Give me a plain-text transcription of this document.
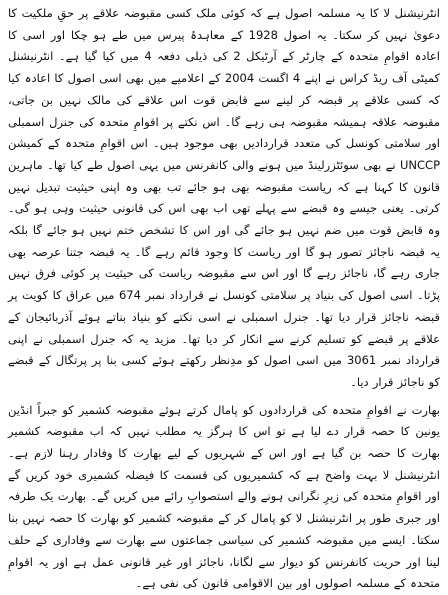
انٹرنیشنل لا کا یہ مسلمہ اصول ہے کہ کوئی ملک کسی مقبوضہ علاقے پر حقِ ملکیت کا دعویٰ نہیں کر سکتا۔ یہ اصول 1928 کے معاہدۂ پیرس میں طے ہو چکا اور اسی کا اعادہ اقوامِ متحدہ کے چارٹر کے آرٹیکل 2 کی ذیلی دفعہ 4 میں کیا گیا ہے۔ انٹرنیشنل کمیٹی آف ریڈ کراس نے اپنے 4 اگست 2004 کے اعلامیے میں بھی اسی اصول کا اعادہ کیا کہ کسی علاقے پر قبضہ کر لینے سے قابض قوت اس علاقے کی مالک نہیں بن جاتی، مقبوضہ علاقہ ہمیشہ مقبوضہ ہی رہے گا۔ اس نکتے پر اقوامِ متحدہ کی جنرل اسمبلی اور سلامتی کونسل کی متعدد قراردادیں بھی موجود ہیں۔ اس اقوامِ متحدہ کے کمیشن UNCCP نے بھی سوئٹزرلینڈ میں ہونے والی کانفرنس میں یہی اصول طے کیا تھا۔ ماہرین قانون کا کہنا ہے کہ ریاست مقبوضہ بھی ہو جائے تب بھی وہ اپنی حیثیت تبدیل نہیں کرتی۔ یعنی جیسے وہ قبضے سے پہلے تھی اب بھی اس کی قانونی حیثیت وہی ہو گی۔ وہ قابض قوت میں ضم نہیں ہو جائے گی اور اس کا تشخص ختم نہیں ہو جائے گا بلکہ یہ قبضہ ناجائز تصور ہو گا اور ریاست کا وجود قائم رہے گا۔ یہ قبضہ جتنا عرصہ بھی جاری رہے گا، ناجائز رہے گا اور اس سے مقبوضہ ریاست کی حیثیت پر کوئی فرق نہیں پڑتا۔ اسی اصول کی بنیاد پر سلامتی کونسل نے قرارداد نمبر 674 میں عراق کا کویت پر قبضہ ناجائز قرار دیا تھا۔ جنرل اسمبلی نے اسی نکتے کو بنیاد بناتے ہوئے آذربائیجان کے علاقے پر قبضے کو تسلیم کرنے سے انکار کر دیا تھا۔ مزید یہ کہ جنرل اسمبلی نے اپنی قرارداد نمبر 3061 میں اسی اصول کو مدِنظر رکھتے ہوئے کسی بنا پر پرتگال کے قبضے کو ناجائز قرار دیا۔

بھارت نے اقوامِ متحدہ کی قراردادوں کو پامال کرتے ہوئے مقبوضہ کشمیر کو جبراً انڈین یونین کا حصہ قرار دے لیا ہے تو اس کا ہرگز یہ مطلب نہیں کہ اب مقبوضہ کشمیر بھارت کا حصہ بن گیا ہے اور اس کے شہریوں کے لیے بھارت کا وفادار رہنا لازم ہے۔ انٹرنیشنل لا بہت واضح ہے کہ کشمیریوں کی قسمت کا فیصلہ کشمیری خود کریں گے اور اقوامِ متحدہ کی زیرِ نگرانی ہونے والے استصوابِ رائے میں کریں گے۔ بھارت یک طرفہ اور جبری طور پر انٹرنیشنل لا کو پامال کر کے مقبوضہ کشمیر کو بھارت کا حصہ نہیں بنا سکتا۔ ایسے میں مقبوضہ کشمیر کی سیاسی جماعتوں سے بھارت سے وفاداری کے حلف لینا اور حریت کانفرنس کو دیوار سے لگانا، ناجائز اور غیر قانونی عمل ہے اور یہ اقوامِ متحدہ کے مسلمہ اصولوں اور بین الاقوامی قانون کی نفی ہے۔
